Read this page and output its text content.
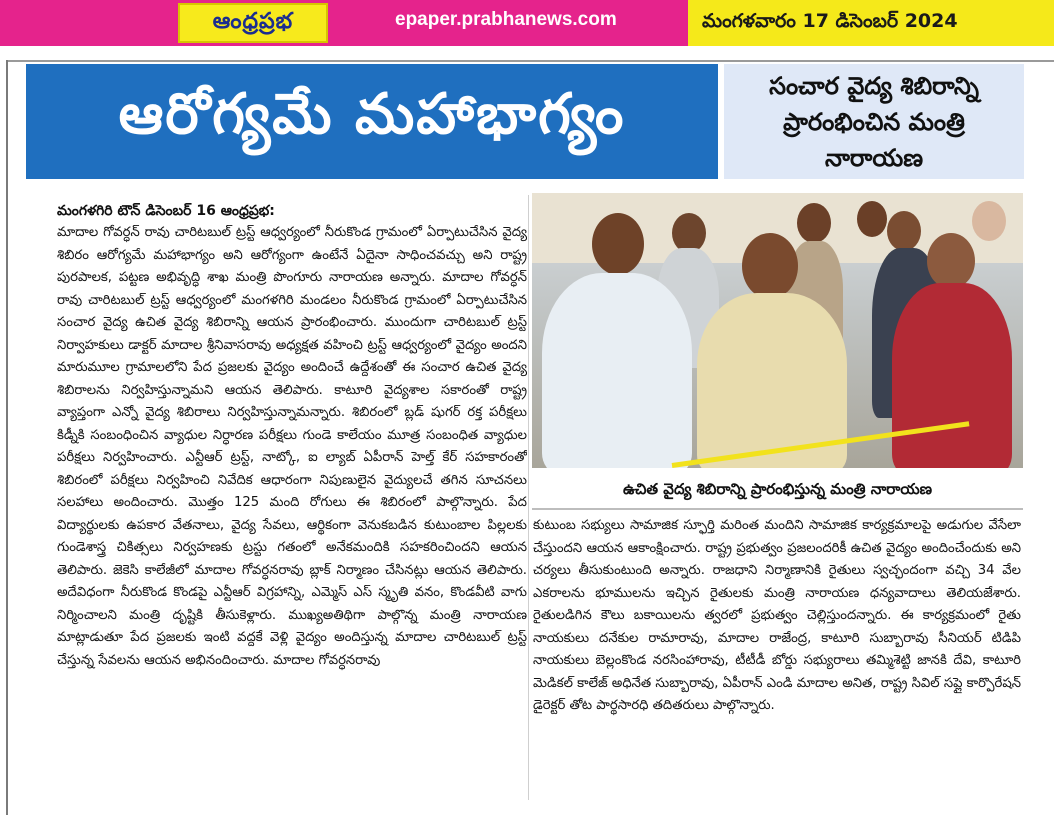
ఆంధ్రప్రభ	epaper.prabhanews.com	మంగళవారం 17 డిసెంబర్ 2024
ఆరోగ్యమే మహాభాగ్యం	సంచార వైద్య శిబిరాన్ని
ప్రారంభించిన మంత్రి
నారాయణ
మంగళగిరి టౌన్ డిసెంబర్ 16 ఆంధ్రప్రభ:

మాదాల గోవర్ధన్ రావు చారిటబుల్ ట్రస్ట్ ఆధ్వర్యంలో నీరుకొండ గ్రామంలో ఏర్పాటుచేసిన వైద్య శిబిరం ఆరోగ్యమే మహాభాగ్యం అని ఆరోగ్యంగా ఉంటేనే ఏదైనా సాధించవచ్చు అని రాష్ట్ర పురపాలక, పట్టణ అభివృద్ధి శాఖ మంత్రి పొంగూరు నారాయణ అన్నారు. మాదాల గోవర్ధన్ రావు చారిటబుల్ ట్రస్ట్ ఆధ్వర్యంలో మంగళగిరి మండలం నీరుకొండ గ్రామంలో ఏర్పాటుచేసిన సంచార వైద్య ఉచిత వైద్య శిబిరాన్ని ఆయన ప్రారంభించారు. ముందుగా చారిటబుల్ ట్రస్ట్ నిర్వాహకులు డాక్టర్ మాదాల శ్రీనివాసరావు అధ్యక్షత వహించి ట్రస్ట్ ఆధ్వర్యంలో వైద్యం అందని మారుమూల గ్రామాలలోని పేద ప్రజలకు వైద్యం అందించే ఉద్దేశంతో ఈ సంచార ఉచిత వైద్య శిబిరాలను నిర్వహిస్తున్నామని ఆయన తెలిపారు. కాటూరి వైద్యశాల సకారంతో రాష్ట్ర వ్యాప్తంగా ఎన్నో వైద్య శిబిరాలు నిర్వహిస్తున్నామన్నారు. శిబిరంలో బ్లడ్ షుగర్ రక్త పరీక్షలు కిడ్నీకి సంబంధించిన వ్యాధుల నిర్ధారణ పరీక్షలు గుండె కాలేయం మూత్ర సంబంధిత వ్యాధుల పరీక్షలు నిర్వహించారు. ఎన్టీఆర్ ట్రస్ట్, నాట్కో, ఐ ల్యాబ్ ఏపీరాన్ హెల్త్ కేర్ సహకారంతో శిబిరంలో పరీక్షలు నిర్వహించి నివేదిక ఆధారంగా నిపుణులైన వైద్యులచే తగిన సూచనలు సలహాలు అందించారు. మొత్తం 125 మంది రోగులు ఈ శిబిరంలో పాల్గొన్నారు. పేద విద్యార్థులకు ఉపకార వేతనాలు, వైద్య సేవలు, ఆర్థికంగా వెనుకబడిన కుటుంబాల పిల్లలకు గుండెశాస్త్ర చికిత్సలు నిర్వహణకు ట్రస్టు గతంలో అనేకమందికి సహకరించిందని ఆయన తెలిపారు. జెకెసి కాలేజీలో మాదాల గోవర్ధనరావు బ్లాక్ నిర్మాణం చేసినట్లు ఆయన తెలిపారు. అదేవిధంగా నీరుకొండ కొండపై ఎన్టీఆర్ విగ్రహాన్ని, ఎమ్మెస్ ఎస్ స్మృతి వనం, కొండవీటి వాగు నిర్మించాలని మంత్రి దృష్టికి తీసుకెళ్లారు. ముఖ్యఅతిథిగా పాల్గొన్న మంత్రి నారాయణ మాట్లాడుతూ పేద ప్రజలకు ఇంటి వద్దకే వెళ్లి వైద్యం అందిస్తున్న మాదాల చారిటబుల్ ట్రస్ట్ చేస్తున్న సేవలను ఆయన అభినందించారు. మాదాల గోవర్ధనరావు

ఉచిత వైద్య శిబిరాన్ని ప్రారంభిస్తున్న మంత్రి నారాయణ

కుటుంబ సభ్యులు సామాజిక స్ఫూర్తి మరింత మందిని సామాజిక కార్యక్రమాలపై అడుగుల వేసేలా చేస్తుందని ఆయన ఆకాంక్షించారు. రాష్ట్ర ప్రభుత్వం ప్రజలందరికీ ఉచిత వైద్యం అందించేందుకు అని చర్యలు తీసుకుంటుంది అన్నారు. రాజధాని నిర్మాణానికి రైతులు స్వచ్ఛందంగా వచ్చి 34 వేల ఎకరాలను భూములను ఇచ్చిన రైతులకు మంత్రి నారాయణ ధన్యవాదాలు తెలియజేశారు. రైతులడిగిన కౌలు బకాయిలను త్వరలో ప్రభుత్వం చెల్లిస్తుందన్నారు. ఈ కార్యక్రమంలో రైతు నాయకులు దనేకుల రామారావు, మాదాల రాజేంద్ర, కాటూరి సుబ్బారావు సీనియర్ టిడిపి నాయకులు బెల్లంకొండ నరసింహారావు, టీటీడీ బోర్డు సభ్యురాలు తమ్మిశెట్టి జానకి దేవి, కాటూరి మెడికల్ కాలేజ్ అధినేత సుబ్బారావు, ఏపీరాన్ ఎండి మాదాల అనిత, రాష్ట్ర సివిల్ సప్లై కార్పొరేషన్ డైరెక్టర్ తోట పార్థసారధి తదితరులు పాల్గొన్నారు.
